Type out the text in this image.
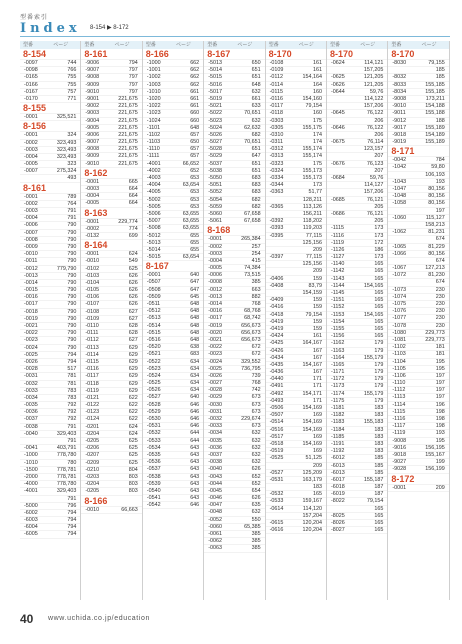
型番索引
Index 8-154 ▶ 8-172
型番	ページ
8-154
-0097	744
-0098	766
-0165	755
-0166	755
-0167	757
-0170	771
8-155
-0001	325,521
8-156
-0001	324
-0002	323,493
-0003	323,493
-0004	323,493
-0005	323
-0007	275,324
493
8-161
-0001	789
-0002	764
-0003	791
-0004	791
-0006	790
-0007	790
-0008	790
-0009	790
-0010	790
-0011	790
-0012	779,790
-0013	790
-0014	790
-0015	790
-0016	790
-0017	790
-0018	790
-0019	790
-0021	790
-0022	790
-0023	790
-0024	790
-0025	794
-0026	794
-0028	517
-0031	781
-0032	781
-0033	783
-0034	783
-0035	792
-0036	792
-0037	792
-0038	791
-0040	329,403
791
-0041	403,791
-1000	778,780
-1010	780
-1500	778,781
-2000	778,781
-4000	778,780
-4001	329,403
791
-5000	796
-6002	794
-6003	794
-6004	794
-6005	794
型番	ページ
8-161
-9006	794
-9007	797
-9008	797
-9009	797
-9010	797
-9001	221,675
-9002	221,675
-9003	221,675
-9004	221,675
-9005	221,675
-9006	221,675
-9007	221,675
-9008	221,675
-9009	221,675
-9010	221,675
8-162
-0001	665
-0003	664
-0004	664
-0005	664
8-163
-0001	229,774
-0002	774
-0132	699
8-164
-0001	624
-0010	549
-0102	625
-0103	626
-0104	626
-0105	626
-0106	626
-0107	626
-0108	627
-0109	627
-0110	628
-0111	628
-0112	627
-0113	629
-0114	629
-0115	629
-0116	629
-0117	629
-0118	629
-0119	629
-0121	622
-0122	622
-0123	622
-0124	622
-0201	624
-0204	624
-0205	625
-0206	625
-0207	625
-0209	625
-0210	804
-0203	803
-0204	803
-0205	803
8-166
-0010	66,663
型番	ページ
8-166
-1000	662
-1001	662
-1002	662
-1003	662
-1010	661
-1020	661
-1022	661
-1023	660
-1024	660
-1101	648
-1102	657
-1103	650
-1110	657
-1111	657
-4001	66,652
-4002	652
-4003	653
-4004	63,654
-4005	653
-5002	653
-5005	653
-5006	63,655
-5007	63,655
-5008	63,655
-5012	655
-5013	655
-5014	655
-5015	63,654
8-167
-0001	640
-0507	647
-0508	647
-0509	645
-0511	648
-0512	648
-0513	648
-0514	648
-0515	648
-0516	648
-0520	638
-0521	683
-0522	634
-0523	634
-0524	634
-0525	634
-0526	634
-0527	640
-0528	646
-0529	646
-0530	646
-0531	646
-0532	644
-0533	644
-0534	643
-0535	643
-0536	643
-0537	643
-0538	643
-0539	643
-0540	643
-0541	643
-0542	646
型番	ページ
8-167
-5013	650
-5014	651
-5015	651
-5016	648
-5017	632
-5019	661
-5021	633
-5022	70,651
-5023	632
-5024	62,632
-5026	682
-5027	70,651
-5028	651
-5029	647
-5037	651
-5038	651
-5050	683
-5051	683
-5052	683
-5054	682
-5059	682
-5060	67,658
-5061	67,658
8-168
-0001	265,384
-0002	257
-0003	254
-0004	415
-0005	74,384
-0006	73,515
-0008	385
-0012	663
-0013	882
-0014	768
-0016	68,768
-0017	68,742
-0019	656,673
-0020	656,673
-0021	656,673
-0022	672
-0023	672
-0024	329,552
-0025	736,795
-0026	739
-0027	768
-0028	742
-0029	673
-0030	673
-0031	673
-0032	229,674
-0033	673
-0034	632
-0035	632
-0036	632
-0037	632
-0038	632
-0040	626
-0043	652
-0044	652
-0045	654
-0046	626
-0047	635
-0048	632
-0052	550
-0060	65,385
-0061	385
-0062	385
-0063	385
型番	ページ
8-170
-0108	161
-0109	161
-0112	154,164
-0114	164
-0115	160
-0116	154,160
-0117	79,154
-0118	160
-0303	175
-0305	155,175
-0310	174
-0311	174
-0312	155,174
-0313	155,174
-0323	175
-0324	155,173
-0334	155,173
-0344	173
-0363	51,77
128,211
-0365	113,126
156,211
-0392	118,202
-0393	119,203
-0395	77,115
125,156
209
-0397	77,115
125,156
209
-0406	159
-0408	83,79
154,159
-0409	159
-0416	159
-0418	79,154
-0419	159
-0419	159
-0424	161
-0425	164,167
-0426	167
-0434	167
-0435	154,167
-0436	167
-0440	171
-0491	171
-0492	154,171
-0493	171
-0506	154,169
-0507	169
-0514	154,169
-0516	154,169
-0517	169
-0518	154,169
-0519	169
-0525	51,125
209
-0527	125,209
-0531	163,179
183
-0532	165
-0533	159,167
-0614	114,120
157,204
-0615	120,204
-0616	120,204
型番	ページ
8-170
-0624	114,121
157,205
-0625	121,205
-0626	121,205
-0644	59,76
114,122
157,206
-0645	76,122
206
-0646	76,122
206
-0675	76,114
123,157
207
-0676	76,123
207
-0684	59,76
114,127
157,206
-0685	76,121
205
-0686	76,121
205
-1115	173
-1116	173
-1119	172
-1126	186
-1127	173
-1140	165
-1142	165
-1143	165
-1144	154,165
-1145	165
-1151	165
-1152	165
-1153	154,165
-1154	165
-1155	165
-1156	165
-1162	179
-1163	179
-1164	155,179
-1165	179
-1171	179
-1172	179
-1173	179
-1174	155,179
-1175	179
-1181	183
-1182	183
-1183	155,183
-1184	183
-1185	183
-1191	183
-1192	183
-6012	185
-6013	185
-6013	185
-6017	155,187
-6018	187
-6019	187
-8022	79,154
165
-8025	165
-8026	165
-8027	165
型番	ページ
8-170
-8030	79,155
185
-8032	185
-8033	155,185
-8034	155,185
-9008	173,211
-9010	154,188
-9011	155,188
-9012	188
-9017	155,189
-9018	154,189
-9019	155,189
8-171
-0042	784
-1042	59,80
106,193
-1043	193
-1047	80,156
-1048	80,156
-1058	80,156
197
-1060	115,127
158,213
-1062	81,231
674
-1065	81,229
-1066	80,156
674
-1067	127,213
-1072	81,230
674
-1073	230
-1074	230
-1075	230
-1076	230
-1077	230
-1078	230
-1080	229,773
-1081	229,773
-1102	181
-1103	181
-1104	195
-1105	195
-1106	197
-1110	197
-1112	197
-1113	197
-1114	196
-1115	198
-1116	198
-1117	198
-1119	193
-9008	195
-9016	156,195
-9018	155,167
-9027	199
-9028	156,199
8-172
-0001	209
40 www.uchida.co.jp/education
